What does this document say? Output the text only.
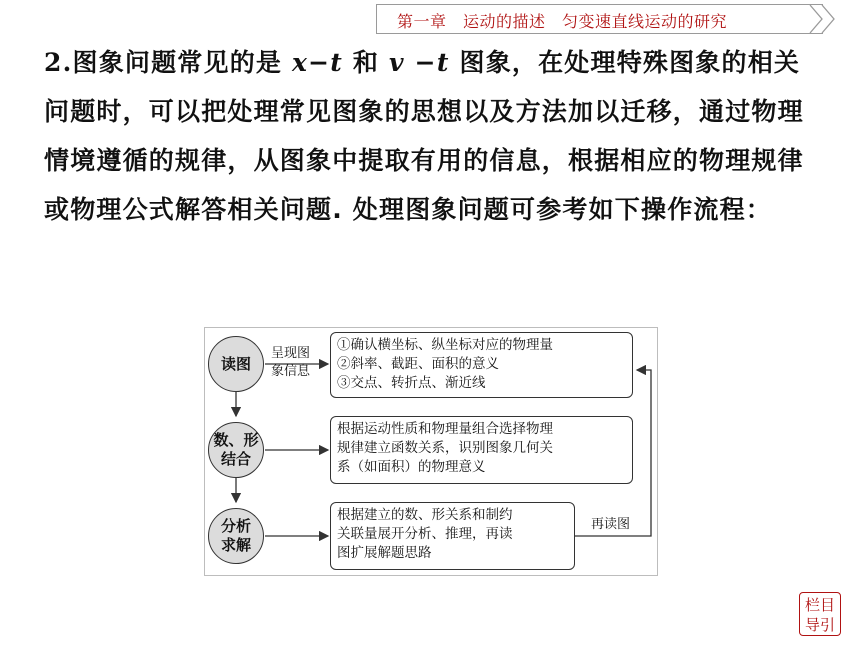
第一章　 运动的描述　匀变速直线运动的研究
2.图象问题常见的是 x−t 和 v −t 图象，在处理特殊图象的相关问题时，可以把处理常见图象的思想以及方法加以迁移，通过物理情境遵循的规律，从图象中提取有用的信息，根据相应的物理规律或物理公式解答相关问题. 处理图象问题可参考如下操作流程：
读图
呈现图
象信息
①确认横坐标、纵坐标对应的物理量
②斜率、截距、面积的意义
③交点、转折点、渐近线
数、形
结合
根据运动性质和物理量组合选择物理
规律建立函数关系，识别图象几何关
系（如面积）的物理意义
分析
求解
根据建立的数、形关系和制约
关联量展开分析、推理，再读
图扩展解题思路
再读图
栏目
导引
